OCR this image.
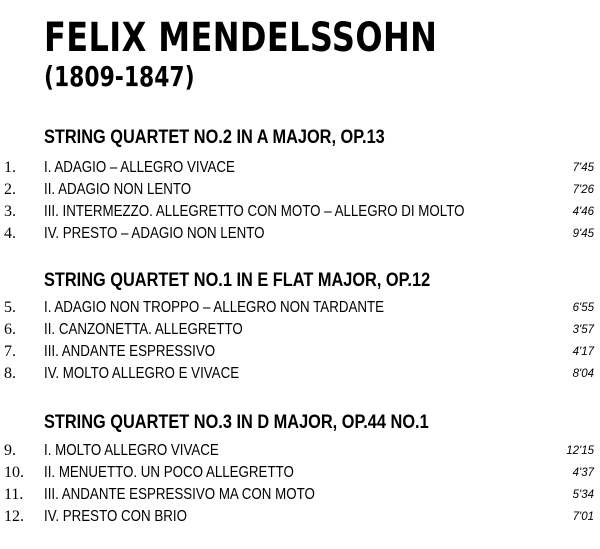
FELIX MENDELSSOHN
(1809-1847)
STRING QUARTET NO.2 IN A MAJOR, OP.13
1.	I. ADAGIO – ALLEGRO VIVACE	7'45
2.	II. ADAGIO NON LENTO	7'26
3.	III. INTERMEZZO. ALLEGRETTO CON MOTO – ALLEGRO DI MOLTO	4'46
4.	IV. PRESTO – ADAGIO NON LENTO	9'45
STRING QUARTET NO.1 IN E FLAT MAJOR, OP.12
5.	I. ADAGIO NON TROPPO – ALLEGRO NON TARDANTE	6'55
6.	II. CANZONETTA. ALLEGRETTO	3'57
7.	III. ANDANTE ESPRESSIVO	4'17
8.	IV. MOLTO ALLEGRO E VIVACE	8'04
STRING QUARTET NO.3 IN D MAJOR, OP.44 NO.1
9.	I. MOLTO ALLEGRO VIVACE	12'15
10.	II. MENUETTO. UN POCO ALLEGRETTO	4'37
11.	III. ANDANTE ESPRESSIVO MA CON MOTO	5'34
12.	IV. PRESTO CON BRIO	7'01
